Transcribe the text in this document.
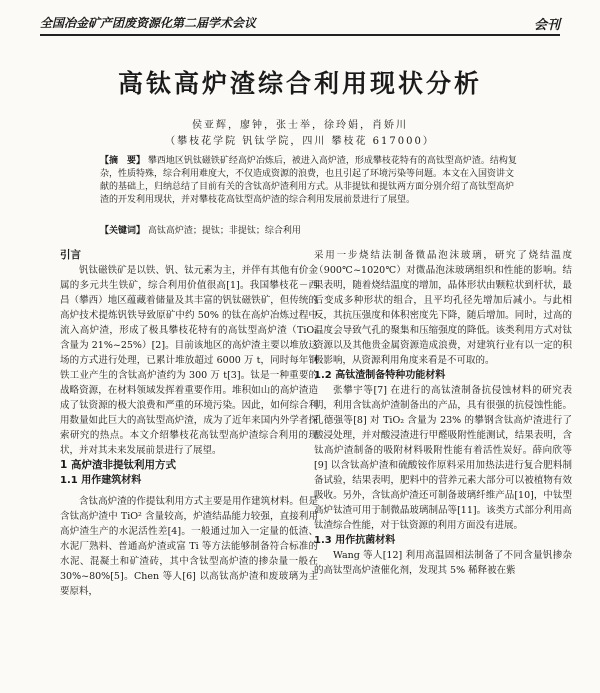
全国冶金矿产团废资源化第二届学术会议	会刊
高钛高炉渣综合利用现状分析
侯亚辉，廖钟，张士举，徐玲娟，肖娇川
（攀枝花学院 钒钛学院，四川 攀枝花 617000）
【摘　要】 攀西地区钒钛磁铁矿经高炉冶炼后，被进入高炉渣，形成攀枝花特有的高钛型高炉渣。结构复杂，性质特殊，综合利用难度大，不仅造成资源的浪费，也且引起了环境污染等问题。本文在入国资讲文献的基础上，归纳总结了目前有关的含钛高炉渣利用方式。从非提钛和提钛两方面分别介绍了高钛型高炉渣的开发利用现状，并对攀枝花高钛型高炉渣的综合利用发展前景进行了展望。
【关键词】 高钛高炉渣；提钛；非提钛；综合利用
引言

钒钛磁铁矿是以铁、钒、钛元素为主，并伴有其他有价金属的多元共生铁矿，综合利用价值很高[1]。我国攀枝花－西昌（攀西）地区蕴藏着储量及其丰富的钒钛磁铁矿，但传统的高炉技术提炼钒铁导致原矿中约 50% 的钛在高炉冶炼过程中流入高炉渣，形成了极具攀枝花特有的高钛型高炉渣（TiO₂ 含量为 21%~25%）[2]。目前该地区的高炉渣主要以堆放这场的方式进行处理，已累计堆放超过 6000 万 t，同时每年钢铁工业产生的含钛高炉渣约为 300 万 t[3]。钛是一种重要的战略资源，在材料领域发挥着重要作用。堆积如山的高炉渣造成了钛资源的极大浪费和严重的环境污染。因此，如何综合利用数量如此巨大的高钛型高炉渣，成为了近年来国内外学者探索研究的热点。本文介绍攀枝花高钛型高炉渣综合利用的现状，并对其未来发展前景进行了展望。

1 高炉渣非提钛利用方式
1.1 用作建筑材料

含钛高炉渣的作提钛利用方式主要是用作建筑材料。但是含钛高炉渣中 TiO² 含量较高，炉渣结晶能力较强，直接利用高炉渣生产的水泥活性差[4]。一般通过加入一定量的低渣、水泥厂熟料、普通高炉渣或富 Ti 等方法能够制备符合标准的水泥、混凝土和矿渣砖，其中含钛型高炉渣的掺杂量一般在 30%~80%[5]。Chen 等人[6] 以高钛高炉渣和废玻璃为主要原料，

采用一步烧结法制备微晶泡沫玻璃，研究了烧结温度（900℃~1020℃）对微晶泡沫玻璃组织和性能的影响。结果表明，随着烧结温度的增加，晶体形状由颗粒状到杆状，最后变成多种形状的组合，且平均孔径先增加后减小。与此相反，其抗压强度和体积密度先下降，随后增加。同时，过高的温度会导致气孔的聚集和压缩强度的降低。该类利用方式对钛资源以及其他贵金属资源造成浪费，对建筑行业有以一定的积极影响，从资源利用角度来看是不可取的。

1.2 高钛渣制备特种功能材料

张攀宇等[7] 在进行的高钛渣制备抗侵蚀材料的研究表明，利用含钛高炉渣制备出的产品，具有很强的抗侵蚀性能。孔德强等[8] 对 TiO₂ 含量为 23% 的攀钢含钛高炉渣进行了酸浸处理，并对酸浸渣进行甲醛吸附性能测试，结果表明，含钛高炉渣制备的吸附材料吸附性能有着活性炭好。薛向欣等[9] 以含钛高炉渣和硫酸铵作原料采用加热法进行复合肥料制备试验，结果表明，肥料中的营养元素大部分可以被植物有效吸收。另外，含钛高炉渣还可制备玻璃纤维产品[10]，中钛型高炉钛渣可用于制微晶玻璃制品等[11]。该类方式部分利用高钛渣综合性能，对于钛资源的利用方面没有进展。

1.3 用作抗菌材料

Wang 等人[12] 利用高温固相法制备了不同含量钒掺杂的高钛型高炉渣催化剂，发现其 5% 稀释被在紫
